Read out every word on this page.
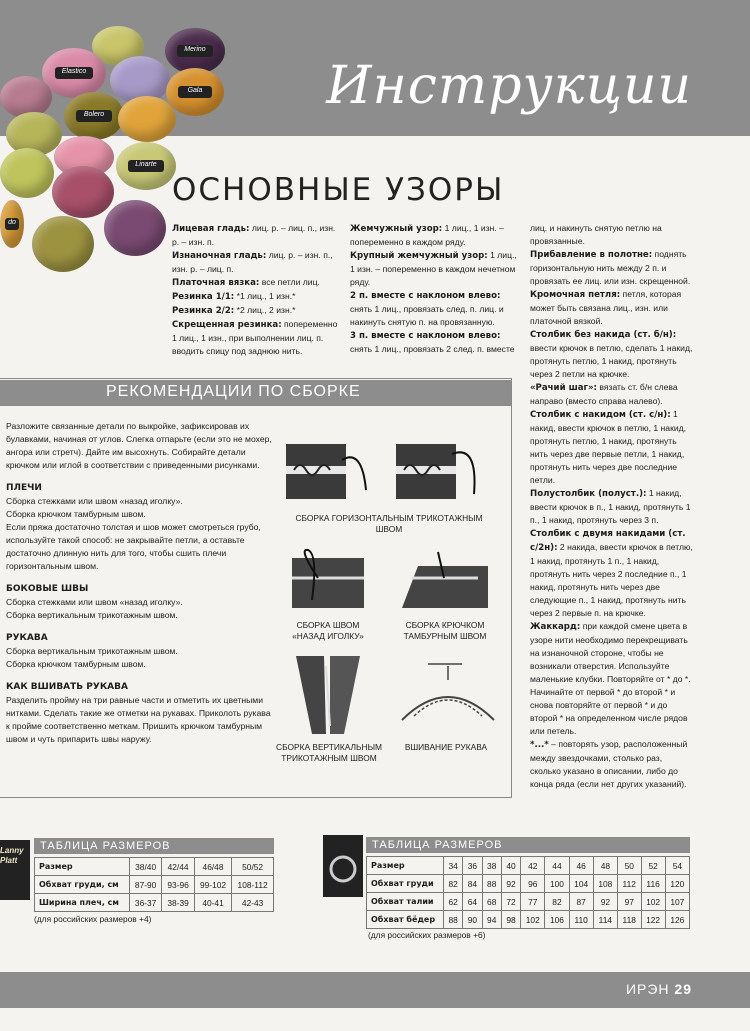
Инструкции
Merino
Elastico
Gala
Bolero
Linarte
do
ОСНОВНЫЕ УЗОРЫ

Лицевая гладь: лиц. р. – лиц. п., изн. р. – изн. п.

Изнаночная гладь: лиц. р. – изн. п., изн. р. – лиц. п.

Платочная вязка: все петли лиц.

Резинка 1/1: *1 лиц., 1 изн.*

Резинка 2/2: *2 лиц., 2 изн.*

Скрещенная резинка: попеременно 1 лиц., 1 изн., при выполнении лиц. п. вводить спицу под заднюю нить.

Жемчужный узор: 1 лиц., 1 изн. – попеременно в каждом ряду.

Крупный жемчужный узор: 1 лиц., 1 изн. – попеременно в каждом нечетном ряду.

2 п. вместе с наклоном влево: снять 1 лиц., провязать след. п. лиц. и накинуть снятую п. на провязанную.

3 п. вместе с наклоном влево: снять 1 лиц., провязать 2 след. п. вместе

лиц. и накинуть снятую петлю на провязанные.

Прибавление в полотне: поднять горизонтальную нить между 2 п. и провязать ее лиц. или изн. скрещенной.

Кромочная петля: петля, которая может быть связана лиц., изн. или платочной вязкой.

Столбик без накида (ст. б/н): ввести крючок в петлю, сделать 1 накид, протянуть петлю, 1 накид, протянуть через 2 петли на крючке.

«Рачий шаг»: вязать ст. б/н слева направо (вместо справа налево).

Столбик с накидом (ст. с/н): 1 накид, ввести крючок в петлю, 1 накид, протянуть петлю, 1 накид, протянуть нить через две первые петли, 1 накид, протянуть нить через две последние петли.

Полустолбик (полуст.): 1 накид, ввести крючок в п., 1 накид, протянуть 1 п., 1 накид, протянуть через 3 п.

Столбик с двумя накидами (ст. с/2н): 2 накида, ввести крючок в петлю, 1 накид, протянуть 1 п., 1 накид, протянуть нить через 2 последние п., 1 накид, протянуть нить через две следующие п., 1 накид, протянуть нить через 2 первые п. на крючке.

Жаккард: при каждой смене цвета в узоре нити необходимо перекрещивать на изнаночной стороне, чтобы не возникали отверстия. Используйте маленькие клубки. Повторяйте от * до *. Начинайте от первой * до второй * и снова повторяйте от первой * и до второй * на определенном числе рядов или петель.

*...* – повторять узор, расположенный между звездочками, столько раз, сколько указано в описании, либо до конца ряда (если нет других указаний).

РЕКОМЕНДАЦИИ ПО СБОРКЕ

Разложите связанные детали по выкройке, зафиксировав их булавками, начиная от углов. Слегка отпарьте (если это не мохер, ангора или стретч). Дайте им высохнуть. Собирайте детали крючком или иглой в соответствии с приведенными рисунками.

ПЛЕЧИ

Сборка стежками или швом «назад иголку».

Сборка крючком тамбурным швом.

Если пряжа достаточно толстая и шов может смотреться грубо, используйте такой способ: не закрывайте петли, а оставьте достаточно длинную нить для того, чтобы сшить плечи горизонтальным швом.

БОКОВЫЕ ШВЫ

Сборка стежками или швом «назад иголку».

Сборка вертикальным трикотажным швом.

РУКАВА

Сборка вертикальным трикотажным швом.

Сборка крючком тамбурным швом.

КАК ВШИВАТЬ РУКАВА

Разделить пройму на три равные части и отметить их цветными нитками. Сделать такие же отметки на рукавах. Приколоть рукава к пройме соответственно меткам. Пришить крючком тамбурным швом и чуть припарить швы наружу.

СБОРКА ГОРИЗОНТАЛЬНЫМ ТРИКОТАЖНЫМ ШВОМ
СБОРКА ШВОМ
«НАЗАД ИГОЛКУ»
СБОРКА КРЮЧКОМ
ТАМБУРНЫМ ШВОМ
СБОРКА ВЕРТИКАЛЬНЫМ
ТРИКОТАЖНЫМ ШВОМ
ВШИВАНИЕ РУКАВА
Lanny Platt
ТАБЛИЦА РАЗМЕРОВ
Размер	38/40	42/44	46/48	50/52
Обхват груди, см	87-90	93-96	99-102	108-112
Ширина плеч, см	36-37	38-39	40-41	42-43
(для российских размеров +4)
ТАБЛИЦА РАЗМЕРОВ
Размер	34	36	38	40	42	44	46	48	50	52	54
Обхват груди	82	84	88	92	96	100	104	108	112	116	120
Обхват талии	62	64	68	72	77	82	87	92	97	102	107
Обхват бёдер	88	90	94	98	102	106	110	114	118	122	126
(для российских размеров +6)
ИРЭН 29
